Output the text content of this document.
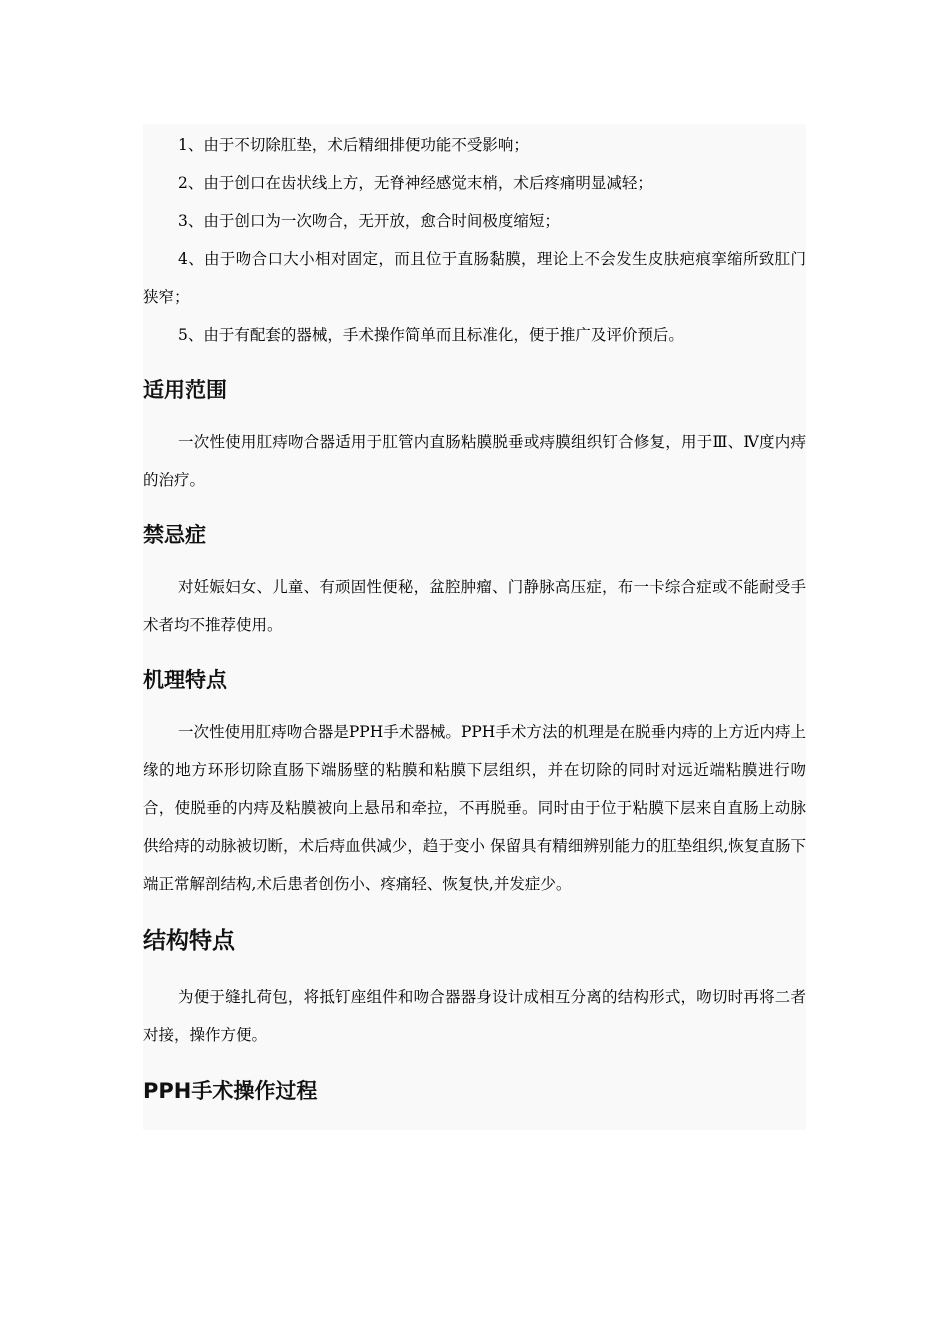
1、由于不切除肛垫，术后精细排便功能不受影响；

2、由于创口在齿状线上方，无脊神经感觉末梢，术后疼痛明显减轻；

3、由于创口为一次吻合，无开放，愈合时间极度缩短；

4、由于吻合口大小相对固定，而且位于直肠黏膜，理论上不会发生皮肤疤痕挛缩所致肛门狭窄；

5、由于有配套的器械，手术操作简单而且标准化，便于推广及评价预后。

适用范围

一次性使用肛痔吻合器适用于肛管内直肠粘膜脱垂或痔膜组织钉合修复，用于Ⅲ、Ⅳ度内痔的治疗。

禁忌症

对妊娠妇女、儿童、有顽固性便秘，盆腔肿瘤、门静脉高压症，布一卡综合症或不能耐受手术者均不推荐使用。

机理特点

一次性使用肛痔吻合器是PPH手术器械。PPH手术方法的机理是在脱垂内痔的上方近内痔上缘的地方环形切除直肠下端肠壁的粘膜和粘膜下层组织，并在切除的同时对远近端粘膜进行吻合，使脱垂的内痔及粘膜被向上悬吊和牵拉，不再脱垂。同时由于位于粘膜下层来自直肠上动脉供给痔的动脉被切断，术后痔血供减少，趋于变小 保留具有精细辨别能力的肛垫组织,恢复直肠下端正常解剖结构,术后患者创伤小、疼痛轻、恢复快,并发症少。

结构特点

为便于缝扎荷包，将抵钉座组件和吻合器器身设计成相互分离的结构形式，吻切时再将二者对接，操作方便。

PPH手术操作过程
